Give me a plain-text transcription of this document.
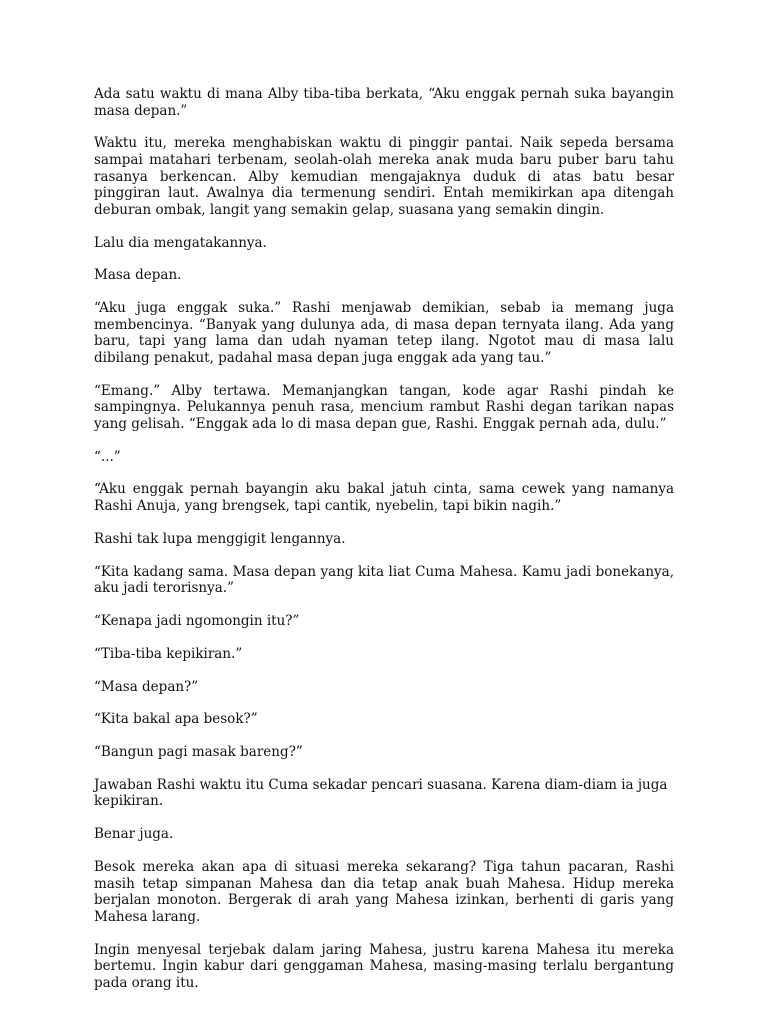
Ada satu waktu di mana Alby tiba-tiba berkata, “Aku enggak pernah suka bayangin masa depan.”

Waktu itu, mereka menghabiskan waktu di pinggir pantai. Naik sepeda bersama sampai matahari terbenam, seolah-olah mereka anak muda baru puber baru tahu rasanya berkencan. Alby kemudian mengajaknya duduk di atas batu besar pinggiran laut. Awalnya dia termenung sendiri. Entah memikirkan apa ditengah deburan ombak, langit yang semakin gelap, suasana yang semakin dingin.

Lalu dia mengatakannya.

Masa depan.

“Aku juga enggak suka.” Rashi menjawab demikian, sebab ia memang juga membencinya. “Banyak yang dulunya ada, di masa depan ternyata ilang. Ada yang baru, tapi yang lama dan udah nyaman tetep ilang. Ngotot mau di masa lalu dibilang penakut, padahal masa depan juga enggak ada yang tau.”

“Emang.” Alby tertawa. Memanjangkan tangan, kode agar Rashi pindah ke sampingnya. Pelukannya penuh rasa, mencium rambut Rashi degan tarikan napas yang gelisah. “Enggak ada lo di masa depan gue, Rashi. Enggak pernah ada, dulu.”

“...”

“Aku enggak pernah bayangin aku bakal jatuh cinta, sama cewek yang namanya Rashi Anuja, yang brengsek, tapi cantik, nyebelin, tapi bikin nagih.”

Rashi tak lupa menggigit lengannya.

“Kita kadang sama. Masa depan yang kita liat Cuma Mahesa. Kamu jadi bonekanya, aku jadi terorisnya.”

“Kenapa jadi ngomongin itu?”

“Tiba-tiba kepikiran.”

“Masa depan?”

“Kita bakal apa besok?”

“Bangun pagi masak bareng?”

Jawaban Rashi waktu itu Cuma sekadar pencari suasana. Karena diam-diam ia juga kepikiran.

Benar juga.

Besok mereka akan apa di situasi mereka sekarang? Tiga tahun pacaran, Rashi masih tetap simpanan Mahesa dan dia tetap anak buah Mahesa. Hidup mereka berjalan monoton. Bergerak di arah yang Mahesa izinkan, berhenti di garis yang Mahesa larang.

Ingin menyesal terjebak dalam jaring Mahesa, justru karena Mahesa itu mereka bertemu. Ingin kabur dari genggaman Mahesa, masing-masing terlalu bergantung pada orang itu.
